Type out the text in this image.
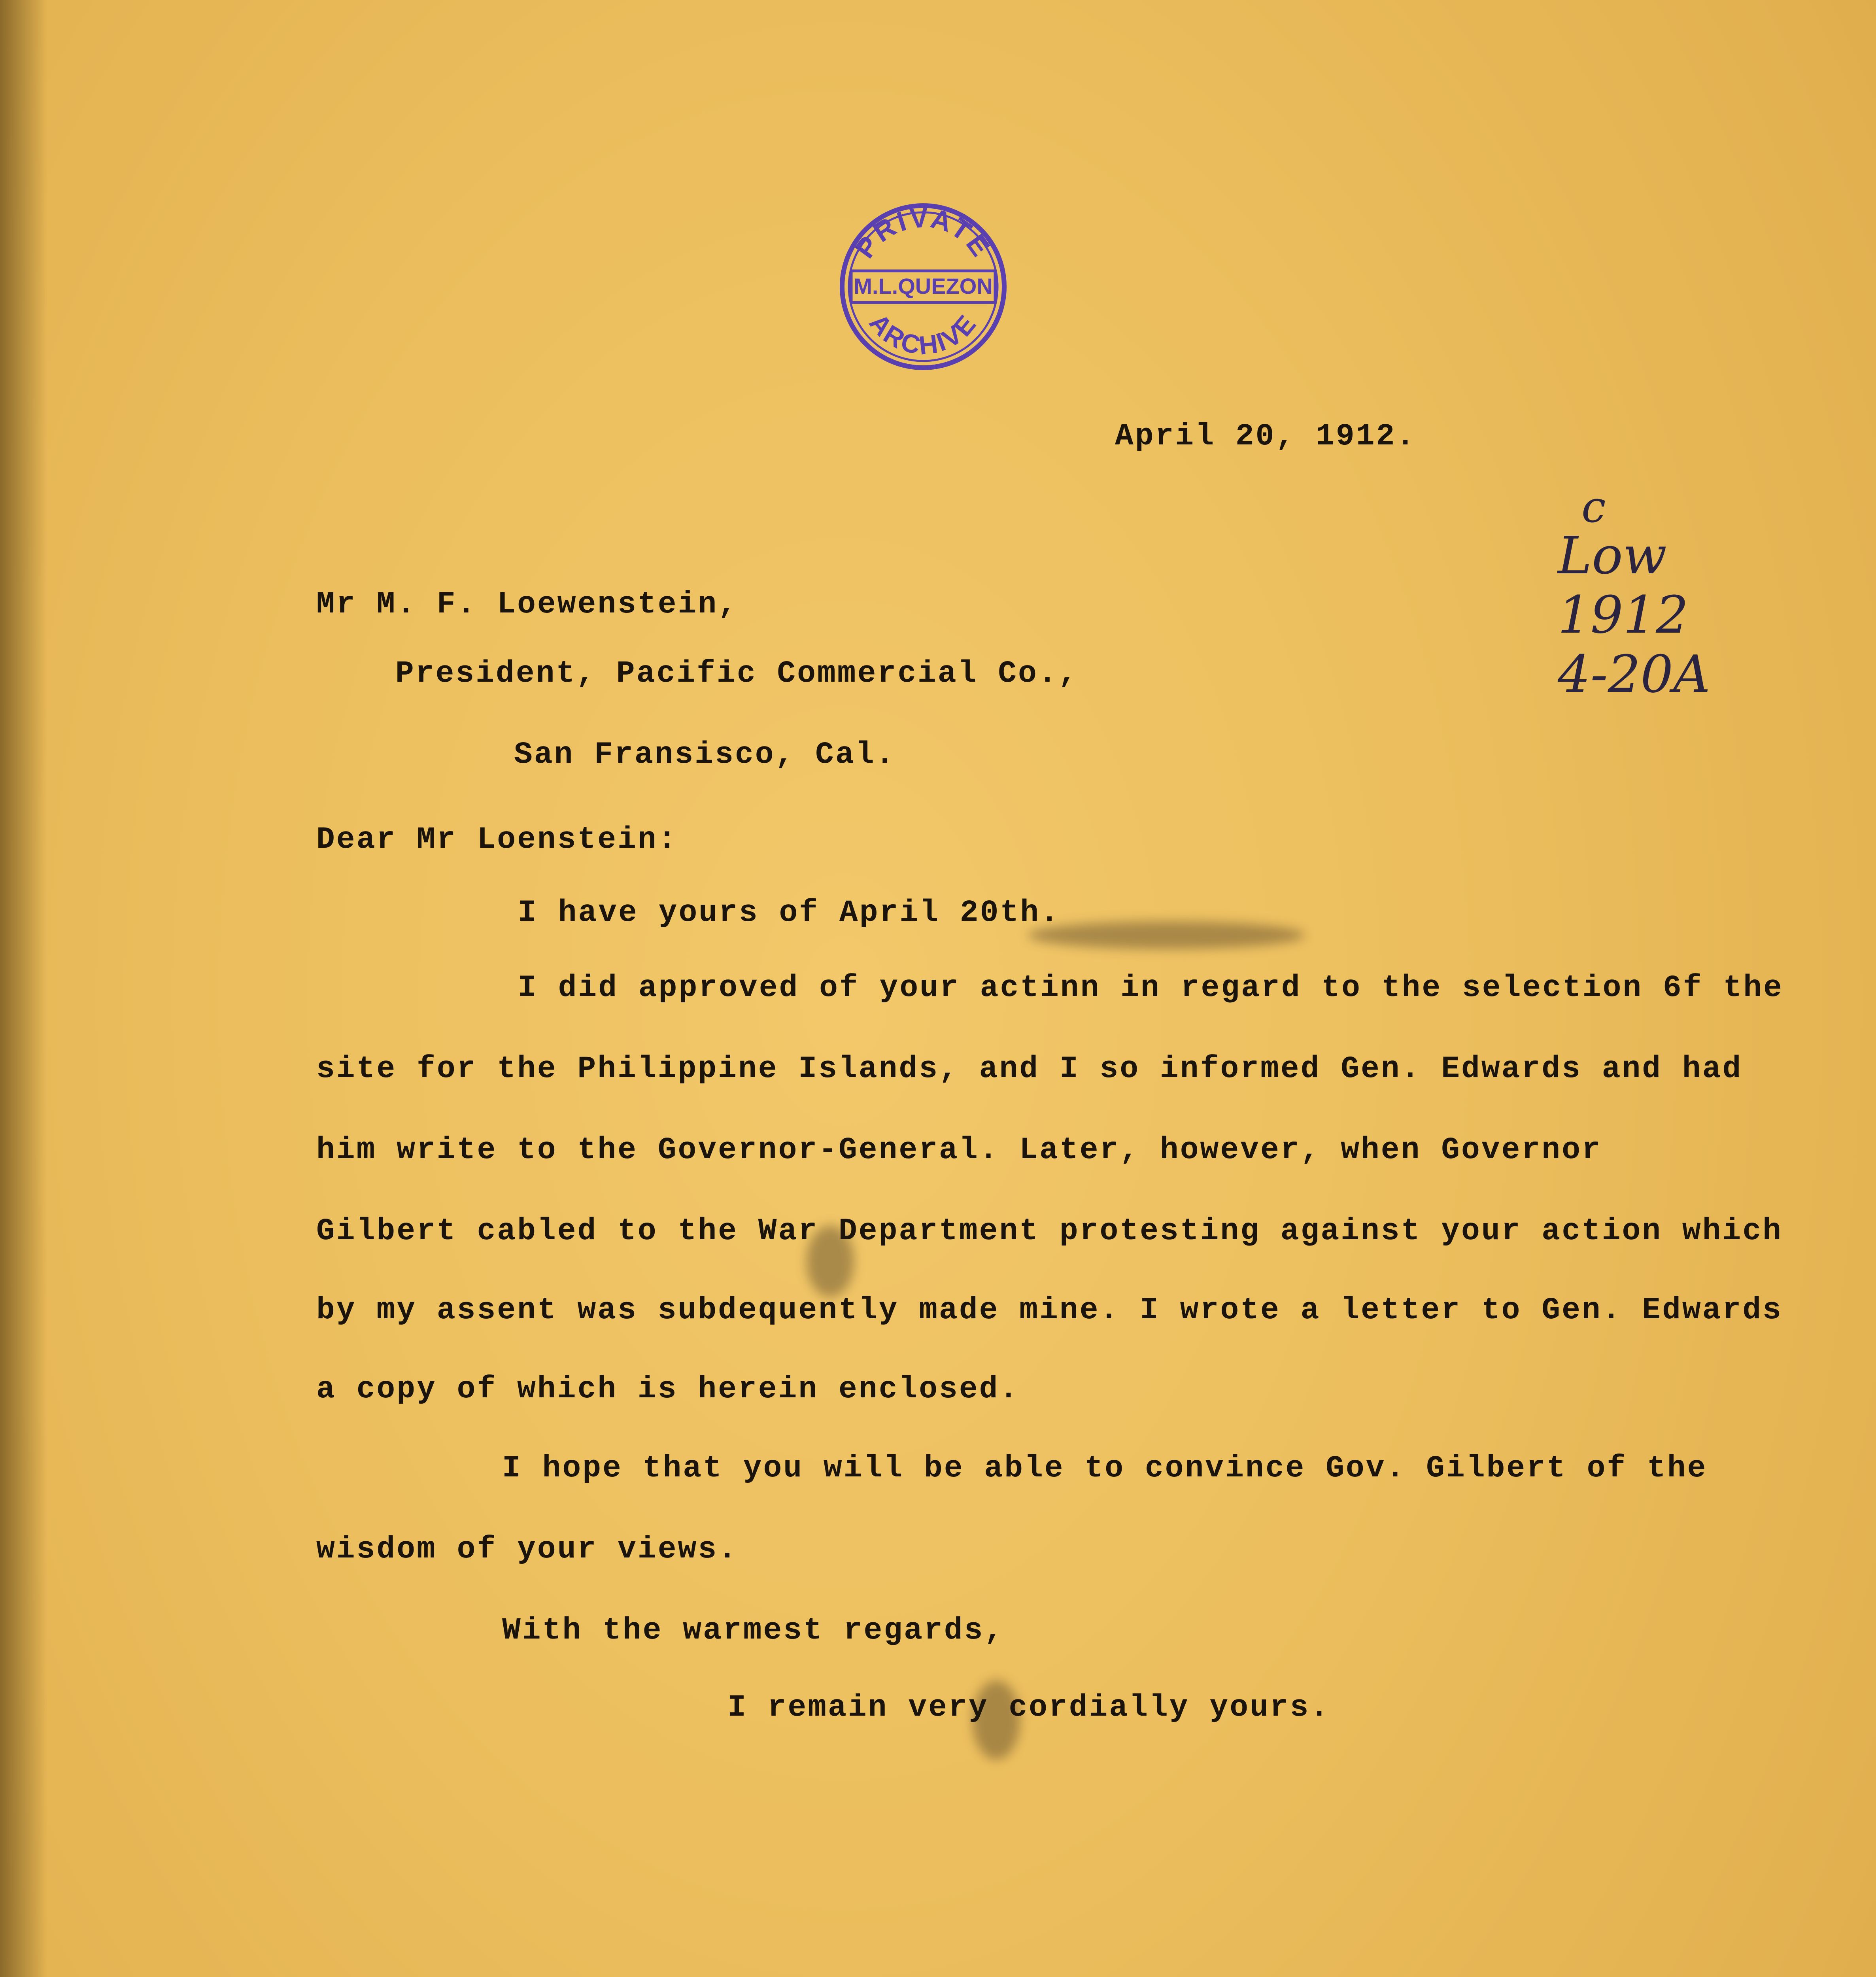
PRIVATE
M.L.QUEZON
ARCHIVE
c
Low
1912
4-20A
April 20, 1912.
Mr M. F. Loewenstein,
President, Pacific Commercial Co.,
San Fransisco, Cal.
Dear Mr Loenstein:
I have yours of April 20th.
I did approved of your actinn in regard to the selection 6f the
site for the Philippine Islands, and I so informed Gen. Edwards and had
him write to the Governor-General. Later, however, when Governor
Gilbert cabled to the War Department protesting against your action which
by my assent was subdequently made mine. I wrote a letter to Gen. Edwards
a copy of which is herein enclosed.
I hope that you will be able to convince Gov. Gilbert of the
wisdom of your views.
With the warmest regards,
I remain very cordially yours.
